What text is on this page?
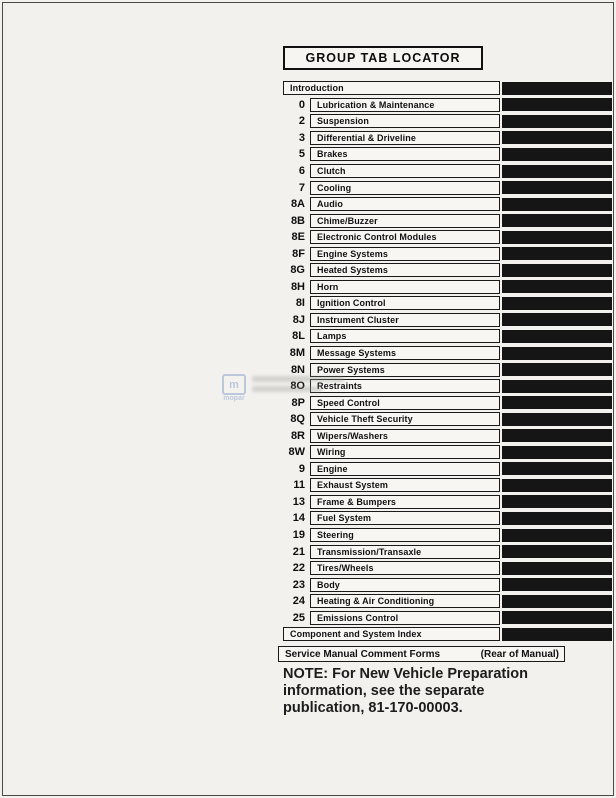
GROUP TAB LOCATOR
Introduction
0	Lubrication & Maintenance
2	Suspension
3	Differential & Driveline
5	Brakes
6	Clutch
7	Cooling
8A	Audio
8B	Chime/Buzzer
8E	Electronic Control Modules
8F	Engine Systems
8G	Heated Systems
8H	Horn
8I	Ignition Control
8J	Instrument Cluster
8L	Lamps
8M	Message Systems
8N	Power Systems
8O	Restraints
8P	Speed Control
8Q	Vehicle Theft Security
8R	Wipers/Washers
8W	Wiring
9	Engine
11	Exhaust System
13	Frame & Bumpers
14	Fuel System
19	Steering
21	Transmission/Transaxle
22	Tires/Wheels
23	Body
24	Heating & Air Conditioning
25	Emissions Control
Component and System Index
Service Manual Comment Forms	(Rear of Manual)
NOTE: For New Vehicle Preparation
information, see the separate
publication, 81-170-00003.
m
mopar
